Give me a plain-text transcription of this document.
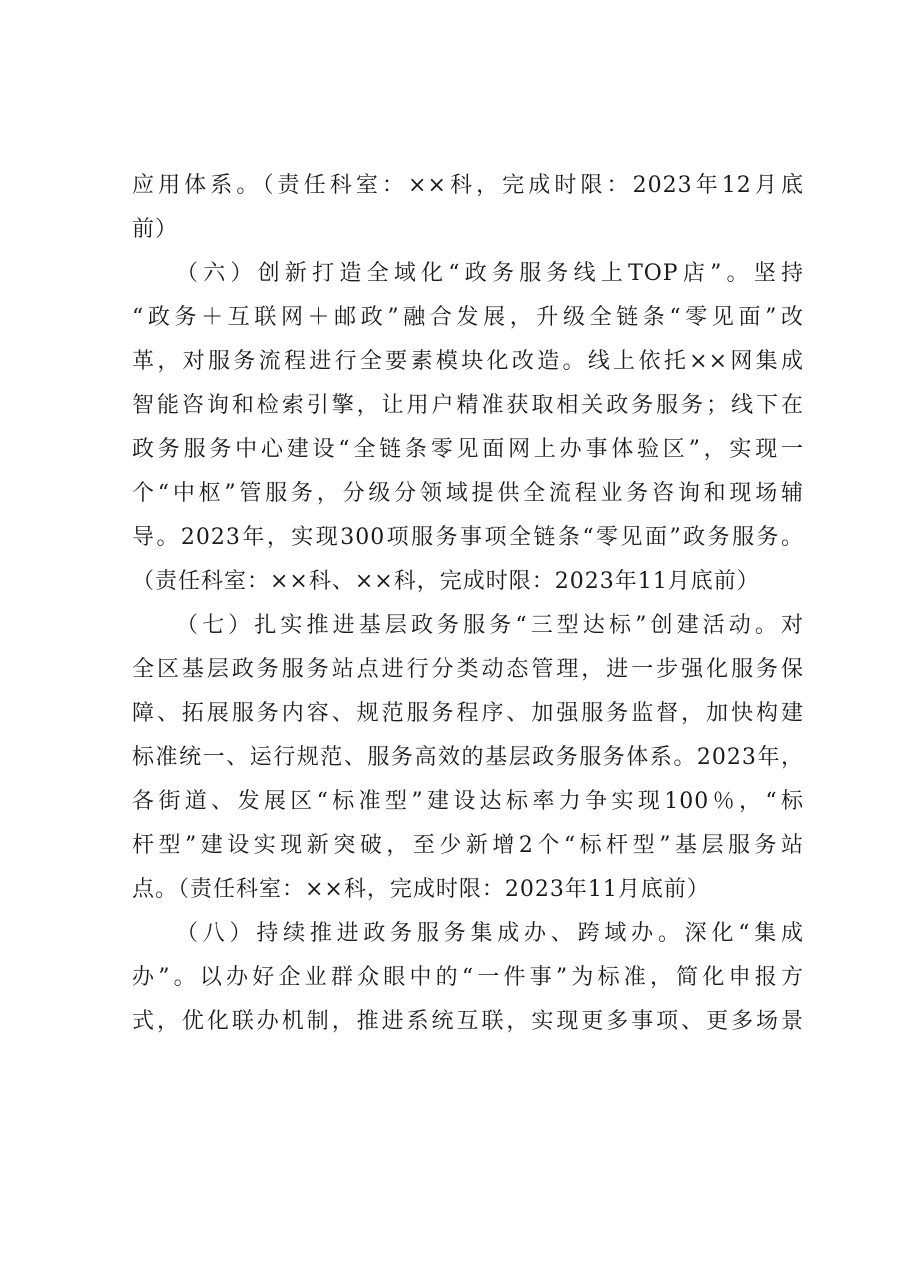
应用体系。（责任科室：××科，完成时限：2023年12月底
前）
（六）创新打造全域化“政务服务线上TOP店”。坚持
“政务＋互联网＋邮政”融合发展，升级全链条“零见面”改
革，对服务流程进行全要素模块化改造。线上依托××网集成
智能咨询和检索引擎，让用户精准获取相关政务服务；线下在
政务服务中心建设“全链条零见面网上办事体验区”，实现一
个“中枢”管服务，分级分领域提供全流程业务咨询和现场辅
导。2023年，实现300项服务事项全链条“零见面”政务服务。
（责任科室：××科、××科，完成时限：2023年11月底前）
（七）扎实推进基层政务服务“三型达标”创建活动。对
全区基层政务服务站点进行分类动态管理，进一步强化服务保
障、拓展服务内容、规范服务程序、加强服务监督，加快构建
标准统一、运行规范、服务高效的基层政务服务体系。2023年，
各街道、发展区“标准型”建设达标率力争实现100％，“标
杆型”建设实现新突破，至少新增2个“标杆型”基层服务站
点。（责任科室：××科，完成时限：2023年11月底前）
（八）持续推进政务服务集成办、跨域办。深化“集成
办”。以办好企业群众眼中的“一件事”为标准，简化申报方
式，优化联办机制，推进系统互联，实现更多事项、更多场景
